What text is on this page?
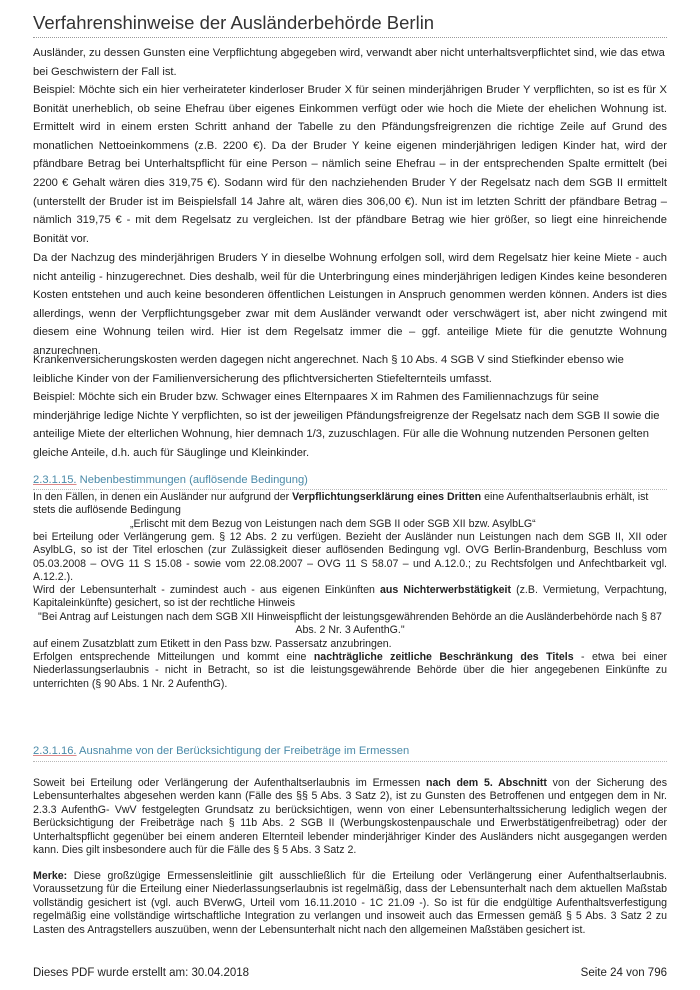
Verfahrenshinweise der Ausländerbehörde Berlin

Ausländer, zu dessen Gunsten eine Verpflichtung abgegeben wird, verwandt aber nicht unterhaltsverpflichtet sind, wie das etwa bei Geschwistern der Fall ist.

Beispiel: Möchte sich ein hier verheirateter kinderloser Bruder X für seinen minderjährigen Bruder Y verpflichten, so ist es für X Bonität unerheblich, ob seine Ehefrau über eigenes Einkommen verfügt oder wie hoch die Miete der ehelichen Wohnung ist. Ermittelt wird in einem ersten Schritt anhand der Tabelle zu den Pfändungsfreigrenzen die richtige Zeile auf Grund des monatlichen Nettoeinkommens (z.B. 2200 €). Da der Bruder Y keine eigenen minderjährigen ledigen Kinder hat, wird der pfändbare Betrag bei Unterhaltspflicht für eine Person – nämlich seine Ehefrau – in der entsprechenden Spalte ermittelt (bei 2200 € Gehalt wären dies 319,75 €). Sodann wird für den nachziehenden Bruder Y der Regelsatz nach dem SGB II ermittelt (unterstellt der Bruder ist im Beispielsfall 14 Jahre alt, wären dies 306,00 €). Nun ist im letzten Schritt der pfändbare Betrag – nämlich 319,75 € - mit dem Regelsatz zu vergleichen. Ist der pfändbare Betrag wie hier größer, so liegt eine hinreichende Bonität vor.

Da der Nachzug des minderjährigen Bruders Y in dieselbe Wohnung erfolgen soll, wird dem Regelsatz hier keine Miete - auch nicht anteilig - hinzugerechnet. Dies deshalb, weil für die Unterbringung eines minderjährigen ledigen Kindes keine besonderen Kosten entstehen und auch keine besonderen öffentlichen Leistungen in Anspruch genommen werden können. Anders ist dies allerdings, wenn der Verpflichtungsgeber zwar mit dem Ausländer verwandt oder verschwägert ist, aber nicht zwingend mit diesem eine Wohnung teilen wird. Hier ist dem Regelsatz immer die – ggf. anteilige Miete für die genutzte Wohnung anzurechnen.

Krankenversicherungskosten werden dagegen nicht angerechnet. Nach § 10 Abs. 4 SGB V sind Stiefkinder ebenso wie leibliche Kinder von der Familienversicherung des pflichtversicherten Stiefelternteils umfasst.

Beispiel: Möchte sich ein Bruder bzw. Schwager eines Elternpaares X im Rahmen des Familiennachzugs für seine minderjährige ledige Nichte Y verpflichten, so ist der jeweiligen Pfändungsfreigrenze der Regelsatz nach dem SGB II sowie die anteilige Miete der elterlichen Wohnung, hier demnach 1/3, zuzuschlagen. Für alle die Wohnung nutzenden Personen gelten gleiche Anteile, d.h. auch für Säuglinge und Kleinkinder.

2.3.1.15. Nebenbestimmungen (auflösende Bedingung)

In den Fällen, in denen ein Ausländer nur aufgrund der Verpflichtungserklärung eines Dritten eine Aufenthaltserlaubnis erhält, ist stets die auflösende Bedingung

„Erlischt mit dem Bezug von Leistungen nach dem SGB II oder SGB XII bzw. AsylbLG“

bei Erteilung oder Verlängerung gem. § 12 Abs. 2 zu verfügen. Bezieht der Ausländer nun Leistungen nach dem SGB II, XII oder AsylbLG, so ist der Titel erloschen (zur Zulässigkeit dieser auflösenden Bedingung vgl. OVG Berlin-Brandenburg, Beschluss vom 05.03.2008 – OVG 11 S 15.08 - sowie vom 22.08.2007 – OVG 11 S 58.07 – und A.12.0.; zu Rechtsfolgen und Anfechtbarkeit vgl. A.12.2.).

Wird der Lebensunterhalt - zumindest auch - aus eigenen Einkünften aus Nichterwerbstätigkeit (z.B. Vermietung, Verpachtung, Kapitaleinkünfte) gesichert, so ist der rechtliche Hinweis

"Bei Antrag auf Leistungen nach dem SGB XII Hinweispflicht der leistungsgewährenden Behörde an die Ausländerbehörde nach § 87 Abs. 2 Nr. 3 AufenthG."

auf einem Zusatzblatt zum Etikett in den Pass bzw. Passersatz anzubringen.

Erfolgen entsprechende Mitteilungen und kommt eine nachträgliche zeitliche Beschränkung des Titels - etwa bei einer Niederlassungserlaubnis - nicht in Betracht, so ist die leistungsgewährende Behörde über die hier angegebenen Einkünfte zu unterrichten (§ 90 Abs. 1 Nr. 2 AufenthG).

2.3.1.16. Ausnahme von der Berücksichtigung der Freibeträge im Ermessen

Soweit bei Erteilung oder Verlängerung der Aufenthaltserlaubnis im Ermessen nach dem 5. Abschnitt von der Sicherung des Lebensunterhaltes abgesehen werden kann (Fälle des §§ 5 Abs. 3 Satz 2), ist zu Gunsten des Betroffenen und entgegen dem in Nr. 2.3.3 AufenthG- VwV festgelegten Grundsatz zu berücksichtigen, wenn von einer Lebensunterhaltssicherung lediglich wegen der Berücksichtigung der Freibeträge nach § 11b Abs. 2 SGB II (Werbungskostenpauschale und Erwerbstätigenfreibetrag) oder der Unterhaltspflicht gegenüber bei einem anderen Elternteil lebender minderjähriger Kinder des Ausländers nicht ausgegangen werden kann. Dies gilt insbesondere auch für die Fälle des § 5 Abs. 3 Satz 2.

Merke: Diese großzügige Ermessensleitlinie gilt ausschließlich für die Erteilung oder Verlängerung einer Aufenthaltserlaubnis. Voraussetzung für die Erteilung einer Niederlassungserlaubnis ist regelmäßig, dass der Lebensunterhalt nach dem aktuellen Maßstab vollständig gesichert ist (vgl. auch BVerwG, Urteil vom 16.11.2010 - 1C 21.09 -). So ist für die endgültige Aufenthaltsverfestigung regelmäßig eine vollständige wirtschaftliche Integration zu verlangen und insoweit auch das Ermessen gemäß § 5 Abs. 3 Satz 2 zu Lasten des Antragstellers auszuüben, wenn der Lebensunterhalt nicht nach den allgemeinen Maßstäben gesichert ist.

Dieses PDF wurde erstellt am: 30.04.2018	Seite 24 von 796
